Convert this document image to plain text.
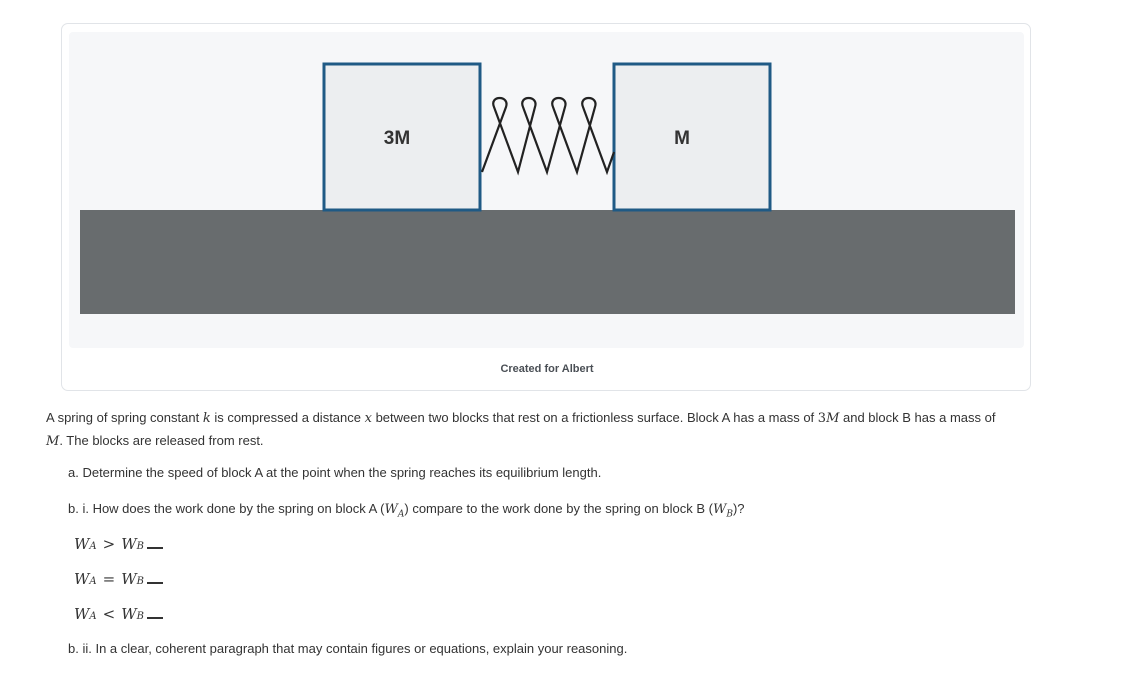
3M	M
Created for Albert
A spring of spring constant k is compressed a distance x between two blocks that rest on a frictionless surface. Block A has a mass of 3M and block B has a mass of
M. The blocks are released from rest.
a. Determine the speed of block A at the point when the spring reaches its equilibrium length.
b. i. How does the work done by the spring on block A $(W_A)$ compare to the work done by the spring on block B $(W_B)$?
W A > W B
W A = W B
W A < W B
b. ii. In a clear, coherent paragraph that may contain figures or equations, explain your reasoning.
